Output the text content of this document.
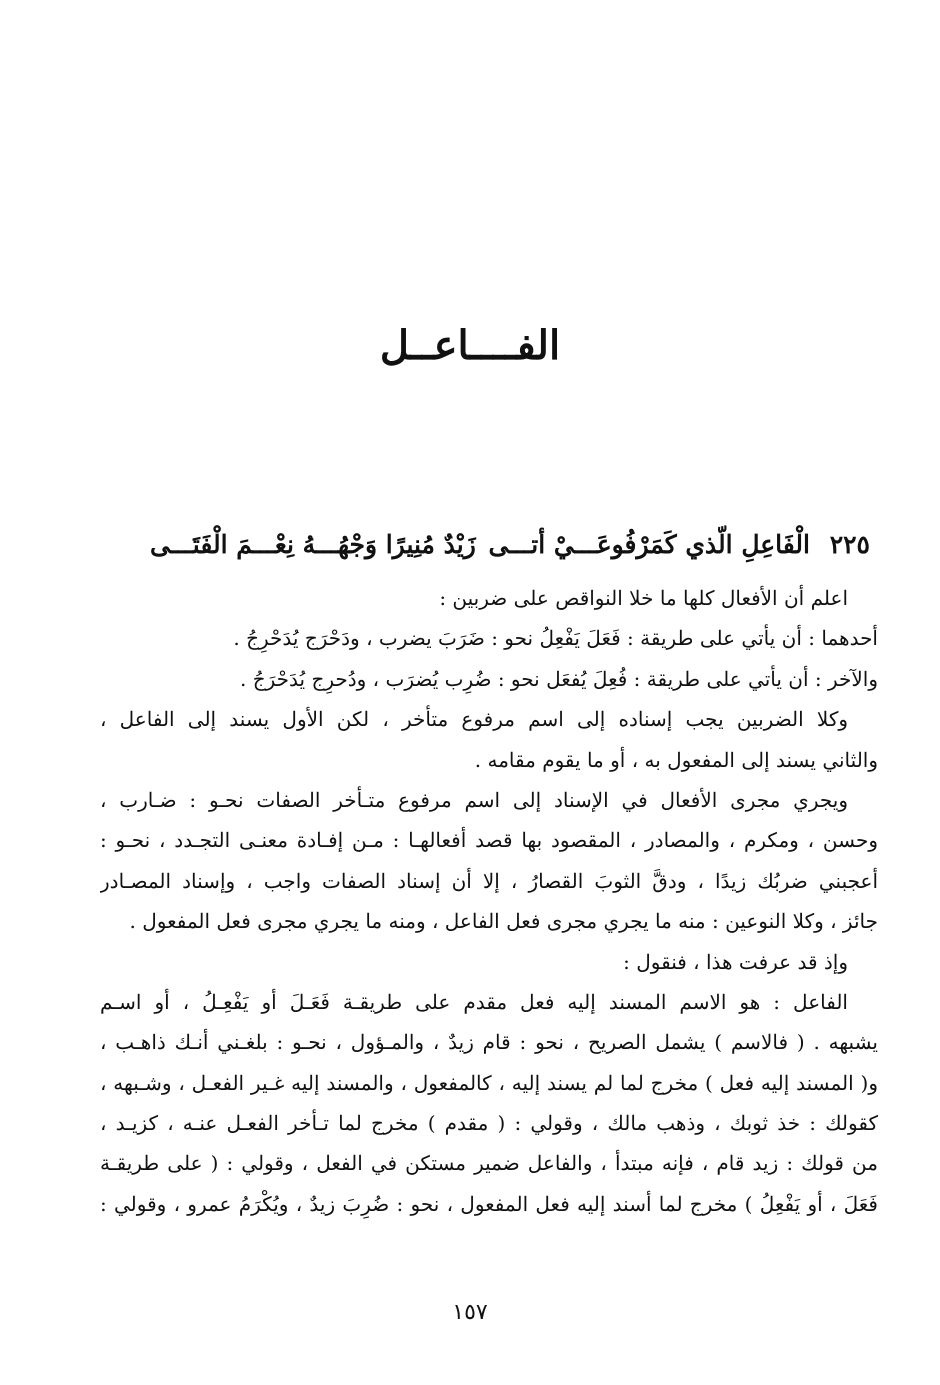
الفــــاعــل
٢٢٥
الْفَاعِلِ الّذي كَمَرْفُوعَـــيْ أتـــى
زَيْدٌ مُنِيرًا وَجْهُـــهُ نِعْـــمَ الْفَتَـــى
اعلم أن الأفعال كلها ما خلا النواقص على ضربين :
أحدهما : أن يأتي على طريقة : فَعَلَ يَفْعِلُ نحو : ضَرَبَ يضرب ، ودَحْرَج يُدَحْرِجُ .
والآخر : أن يأتي على طريقة : فُعِلَ يُفعَل نحو : ضُرِب يُضرَب ، ودُحرِج يُدَحْرَجُ .
وكلا الضربين يجب إسناده إلى اسم مرفوع متأخر ، لكن الأول يسند إلى الفاعل ،
والثاني يسند إلى المفعول به ، أو ما يقوم مقامه .
ويجري مجرى الأفعال في الإسناد إلى اسم مرفوع متـأخر الصفات نحـو : ضـارب ،
وحسن ، ومكرم ، والمصادر ، المقصود بها قصد أفعالهـا : مـن إفـادة معنـى التجـدد ، نحـو :
أعجبني ضربُك زيدًا ، ودقَّ الثوبَ القصارُ ، إلا أن إسناد الصفات واجب ، وإسناد المصـادر
جائز ، وكلا النوعين : منه ما يجري مجرى فعل الفاعل ، ومنه ما يجري مجرى فعل المفعول .
وإذ قد عرفت هذا ، فنقول :
الفاعل : هو الاسم المسند إليه فعل مقدم على طريقـة فَعَـلَ أو يَفْعِـلُ ، أو اسـم
يشبهه . ( فالاسم ) يشمل الصريح ، نحو : قام زيدٌ ، والمـؤول ، نحـو : بلغـني أنـك ذاهـب ،
و( المسند إليه فعل ) مخرج لما لم يسند إليه ، كالمفعول ، والمسند إليه غـير الفعـل ، وشـبهه ،
كقولك : خذ ثوبك ، وذهب مالك ، وقولي : ( مقدم ) مخرج لما تـأخر الفعـل عنـه ، كزيـد ،
من قولك : زيد قام ، فإنه مبتدأ ، والفاعل ضمير مستكن في الفعل ، وقولي : ( على طريقـة
فَعَلَ ، أو يَفْعِلُ ) مخرج لما أسند إليه فعل المفعول ، نحو : ضُرِبَ زيدٌ ، ويُكْرَمُ عمرو ، وقولي :
١٥٧
